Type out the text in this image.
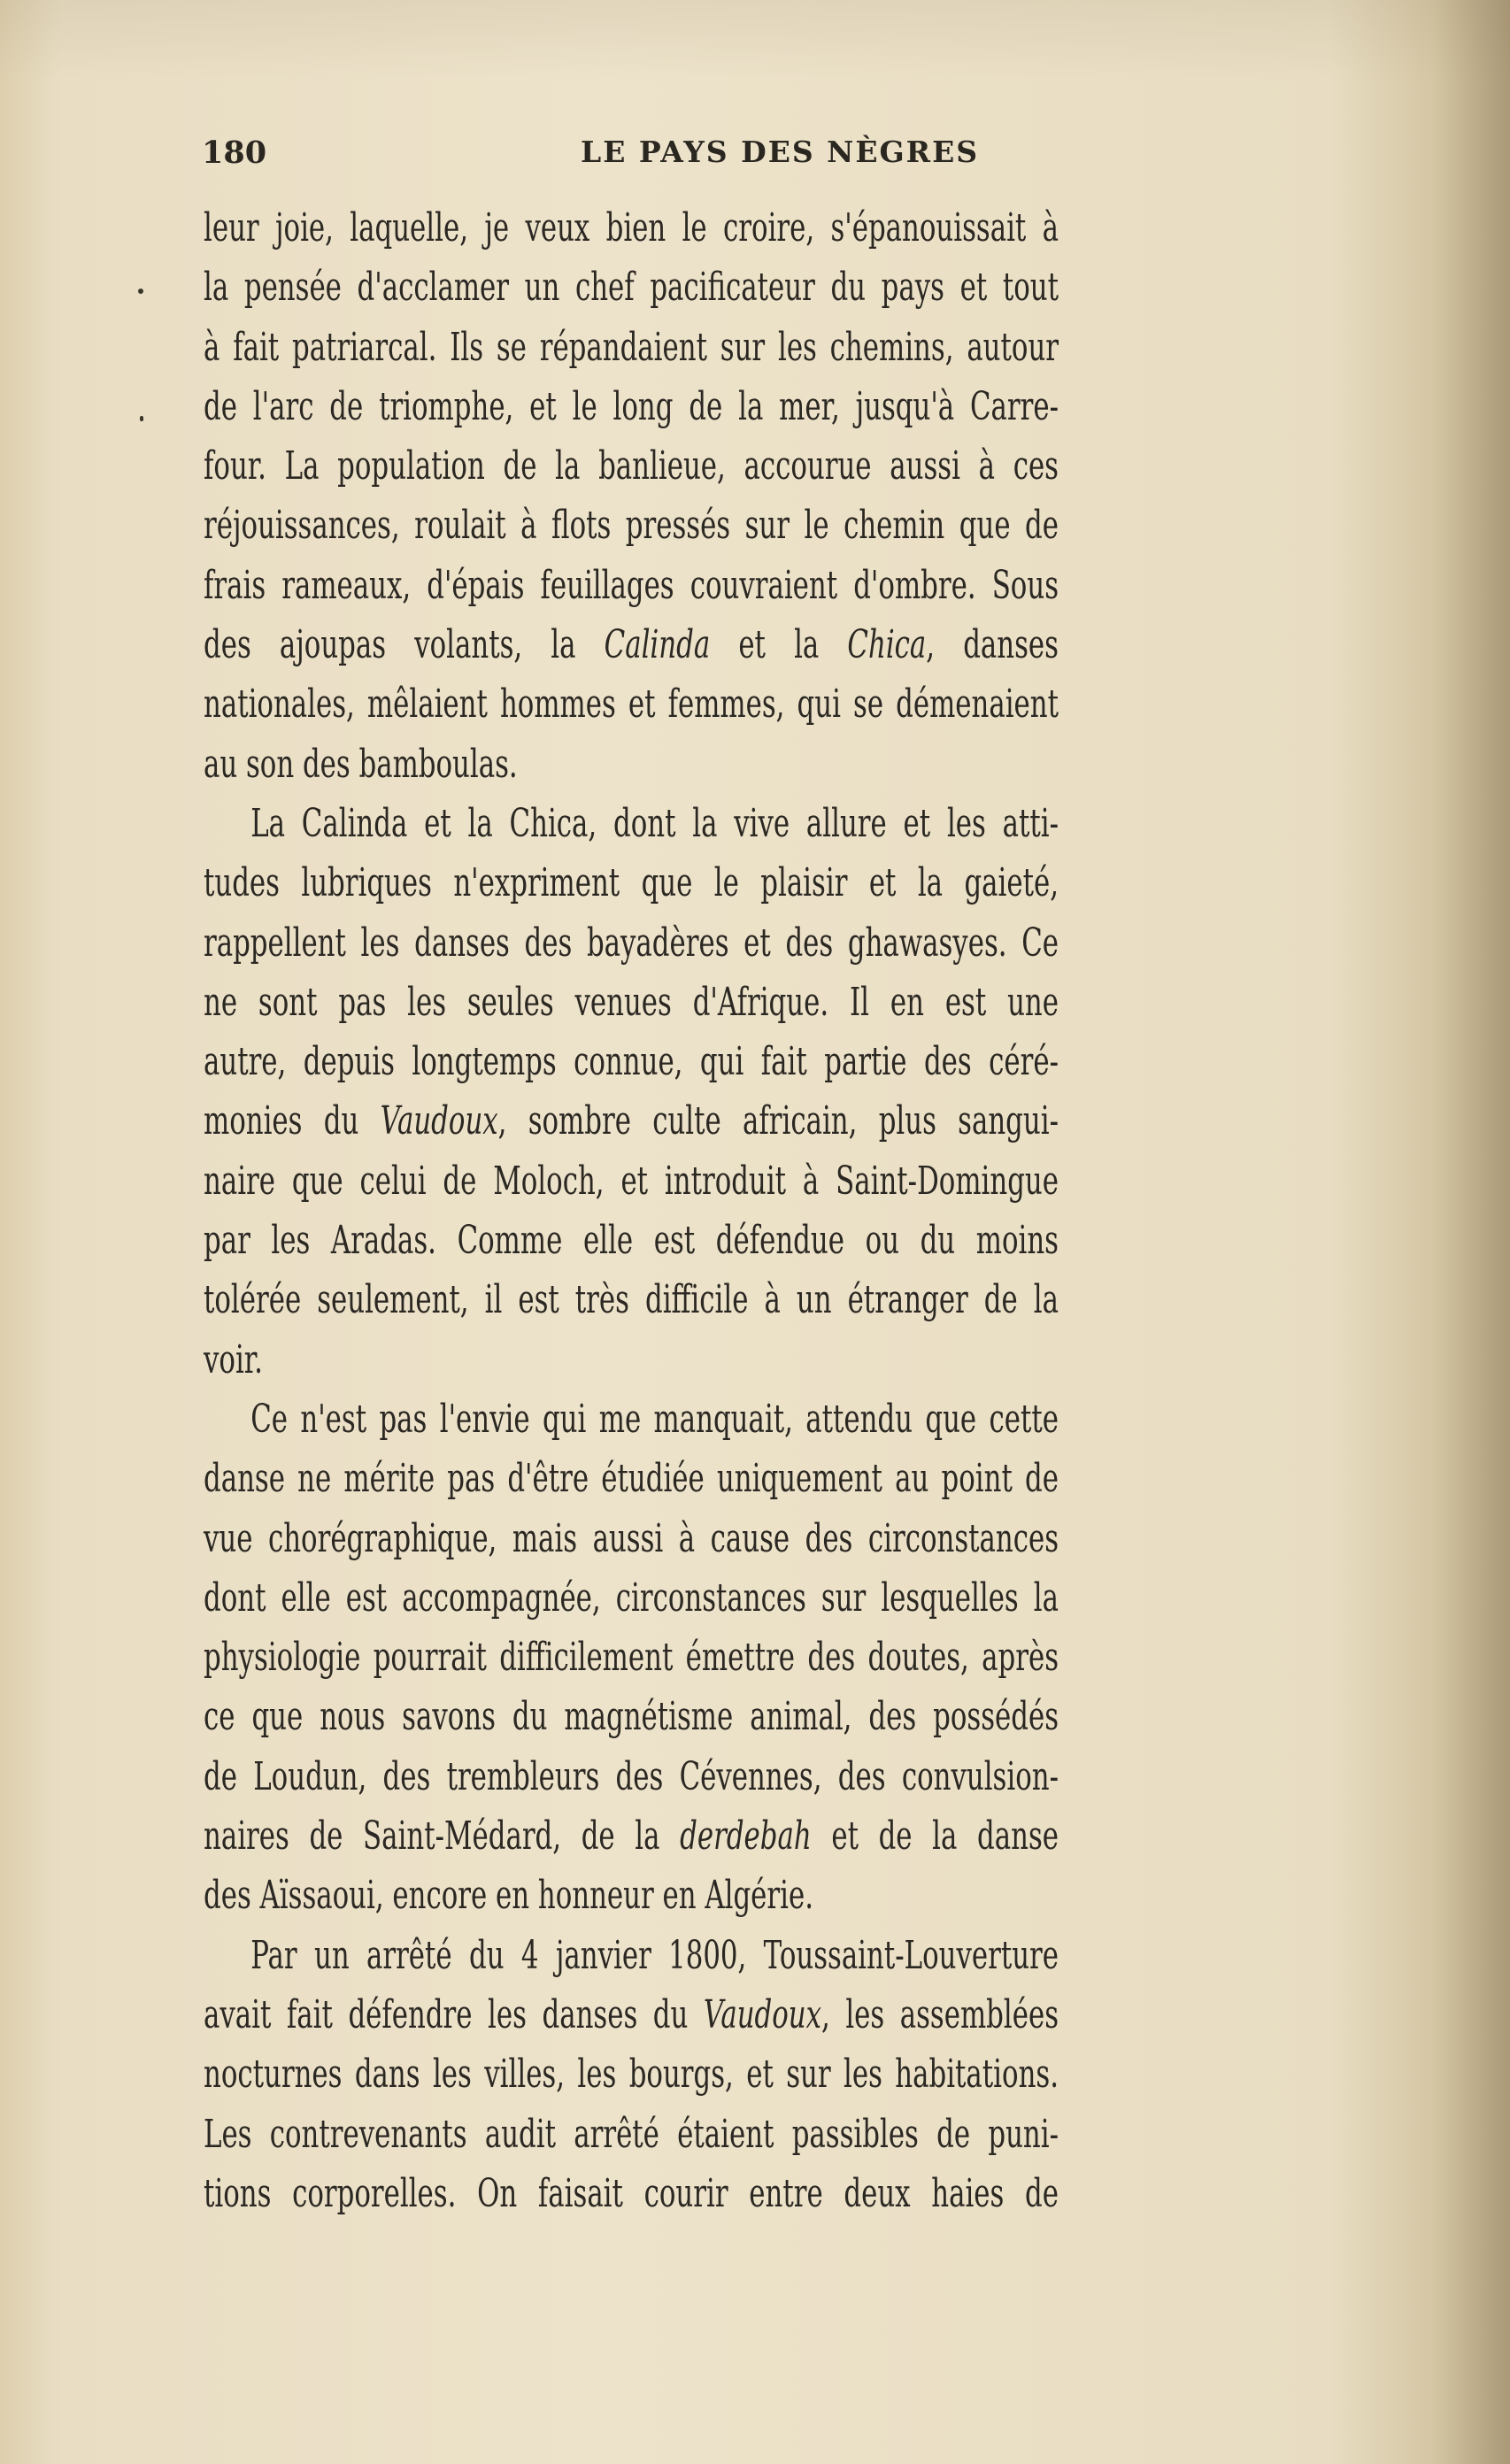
180	LE PAYS DES NÈGRES
leur joie, laquelle, je veux bien le croire, s'épanouissait à
la pensée d'acclamer un chef pacificateur du pays et tout
à fait patriarcal. Ils se répandaient sur les chemins, autour
de l'arc de triomphe, et le long de la mer, jusqu'à Carre-
four. La population de la banlieue, accourue aussi à ces
réjouissances, roulait à flots pressés sur le chemin que de
frais rameaux, d'épais feuillages couvraient d'ombre. Sous
des ajoupas volants, la Calinda et la Chica, danses
nationales, mêlaient hommes et femmes, qui se démenaient
au son des bamboulas.
La Calinda et la Chica, dont la vive allure et les atti-
tudes lubriques n'expriment que le plaisir et la gaieté,
rappellent les danses des bayadères et des ghawasyes. Ce
ne sont pas les seules venues d'Afrique. Il en est une
autre, depuis longtemps connue, qui fait partie des céré-
monies du Vaudoux, sombre culte africain, plus sangui-
naire que celui de Moloch, et introduit à Saint-Domingue
par les Aradas. Comme elle est défendue ou du moins
tolérée seulement, il est très difficile à un étranger de la
voir.
Ce n'est pas l'envie qui me manquait, attendu que cette
danse ne mérite pas d'être étudiée uniquement au point de
vue chorégraphique, mais aussi à cause des circonstances
dont elle est accompagnée, circonstances sur lesquelles la
physiologie pourrait difficilement émettre des doutes, après
ce que nous savons du magnétisme animal, des possédés
de Loudun, des trembleurs des Cévennes, des convulsion-
naires de Saint-Médard, de la derdebah et de la danse
des Aïssaoui, encore en honneur en Algérie.
Par un arrêté du 4 janvier 1800, Toussaint-Louverture
avait fait défendre les danses du Vaudoux, les assemblées
nocturnes dans les villes, les bourgs, et sur les habitations.
Les contrevenants audit arrêté étaient passibles de puni-
tions corporelles. On faisait courir entre deux haies de
